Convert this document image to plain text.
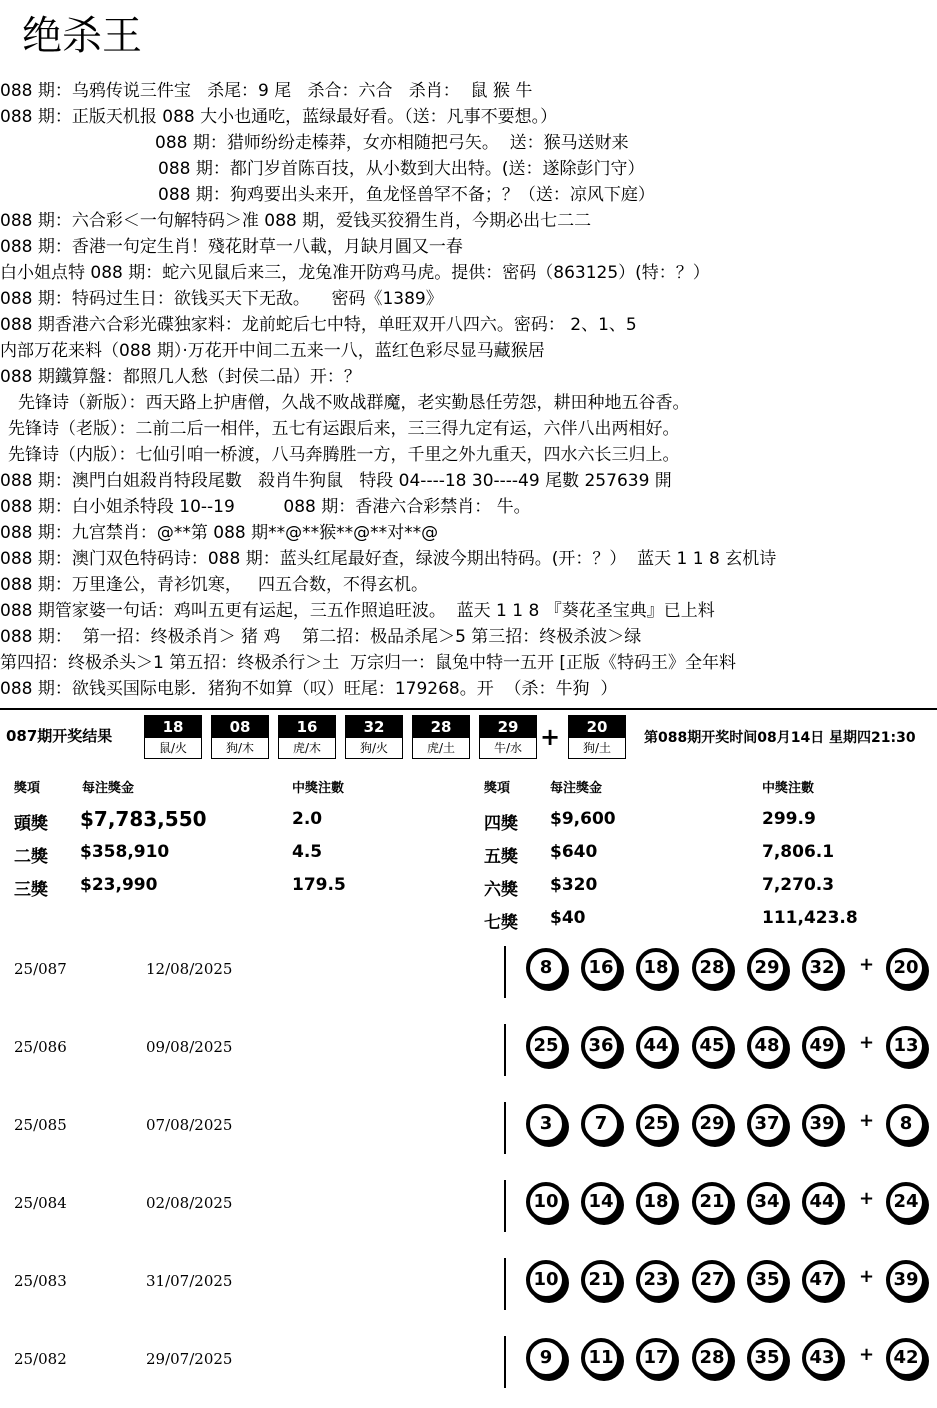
绝杀王
088 期：乌鸦传说三件宝   杀尾：9 尾   杀合：六合   杀肖：  鼠 猴 牛
088 期：正版天机报 088 大小也通吃，蓝绿最好看。（送：凡事不要想。）
088 期：猎师纷纷走榛莽，女亦相随把弓矢。  送：猴马送财来
088 期：都门岁首陈百技，从小数到大出特。(送：遂除彭门守）
088 期：狗鸡要出头来开，鱼龙怪兽罕不备；？（送：凉风下庭）
088 期：六合彩＜一句解特码＞准 088 期，爱钱买狡猾生肖，今期必出七二二
088 期：香港一句定生肖！殘花財草一八載，月缺月圓又一春
白小姐点特 088 期：蛇六见鼠后来三，龙兔准开防鸡马虎。提供：密码（863125）(特：？）
088 期：特码过生日：欲钱买天下无敌。    密码《1389》
088 期香港六合彩光碟独家料：龙前蛇后七中特，单旺双开八四六。密码： 2、1、5
内部万花来料（088 期）·万花开中间二五来一八，蓝红色彩尽显马藏猴居
088 期鐵算盤：都照几人愁（封侯二品）开：？
先锋诗（新版）：西天路上护唐僧，久战不败战群魔，老实勤恳任劳怨，耕田种地五谷香。
先锋诗（老版）：二前二后一相伴，五七有运跟后来，三三得九定有运，六伴八出两相好。
先锋诗（内版）：七仙引咱一桥渡，八马奔腾胜一方，千里之外九重天，四水六长三归上。
088 期：澳門白姐殺肖特段尾數   殺肖牛狗鼠   特段 04----18 30----49 尾數 257639 開
088 期：白小姐杀特段 10--19         088 期：香港六合彩禁肖： 牛。
088 期：九宫禁肖：@**第 088 期**@**猴**@**对**@
088 期：澳门双色特码诗：088 期：蓝头红尾最好查，绿波今期出特码。(开：？）  蓝天 1 1 8 玄机诗
088 期：万里逢公，青衫饥寒，   四五合数，不得玄机。
088 期管家婆一句话：鸡叫五更有运起，三五作照追旺波。  蓝天 1 1 8 『葵花圣宝典』已上料
088 期：  第一招：终极杀肖＞ 猪 鸡    第二招：极品杀尾＞5 第三招：终极杀波＞绿
第四招：终极杀头＞1 第五招：终极杀行＞土  万宗归一：鼠兔中特一五开 [正版《特码王》全年料
088 期：欲钱买国际电影．猪狗不如算（叹）旺尾：179268。开  （杀：牛狗  ）
087期开奖结果	+	第088期开奖时间08月14日 星期四21:30
18
鼠/火
08
狗/木
16
虎/木
32
狗/火
28
虎/土
29
牛/水
20
狗/土
獎項	每注獎金	中獎注數	獎項	每注獎金	中獎注數
頭獎 $7,783,550	2.0
二獎 $358,910	4.5
三獎 $23,990	179.5
四獎 $9,600	299.9
五獎 $640	7,806.1
六獎 $320	7,270.3
七獎 $40	111,423.8
25/087	12/08/2025	8	16	18	28	29	32	+	20
25/086	09/08/2025	25	36	44	45	48	49	+	13
25/085	07/08/2025	3	7	25	29	37	39	+	8
25/084	02/08/2025	10	14	18	21	34	44	+	24
25/083	31/07/2025	10	21	23	27	35	47	+	39
25/082	29/07/2025	9	11	17	28	35	43	+	42
